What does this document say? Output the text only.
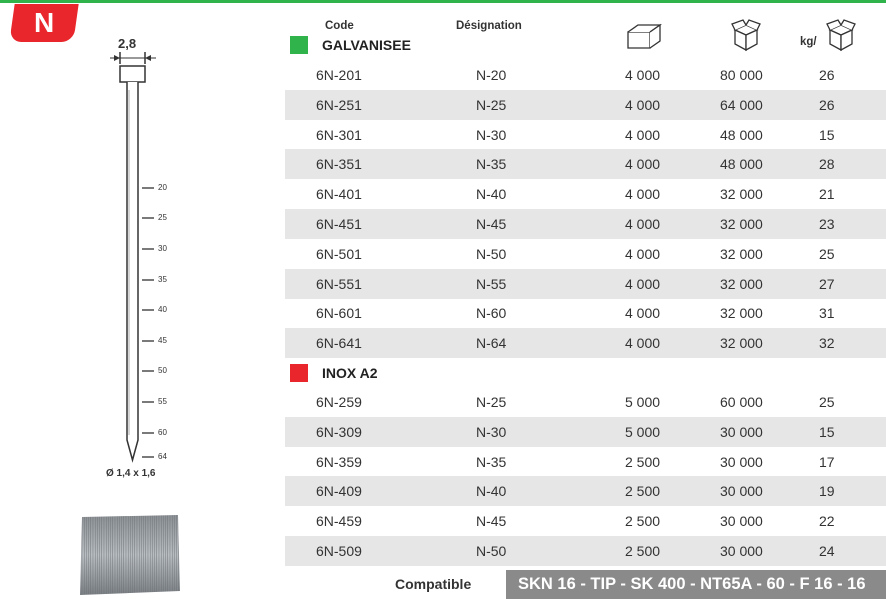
N
2,8
20
25
30
35
40
45
50
55
60
64
Ø 1,4 x 1,6
Code	Désignation
kg/
GALVANISEE
6N-201	N-20	4 000	80 000	26
6N-251	N-25	4 000	64 000	26
6N-301	N-30	4 000	48 000	15
6N-351	N-35	4 000	48 000	28
6N-401	N-40	4 000	32 000	21
6N-451	N-45	4 000	32 000	23
6N-501	N-50	4 000	32 000	25
6N-551	N-55	4 000	32 000	27
6N-601	N-60	4 000	32 000	31
6N-641	N-64	4 000	32 000	32
INOX A2
6N-259	N-25	5 000	60 000	25
6N-309	N-30	5 000	30 000	15
6N-359	N-35	2 500	30 000	17
6N-409	N-40	2 500	30 000	19
6N-459	N-45	2 500	30 000	22
6N-509	N-50	2 500	30 000	24
Compatible	SKN 16 - TIP - SK 400 - NT65A - 60 - F 16 - 16
